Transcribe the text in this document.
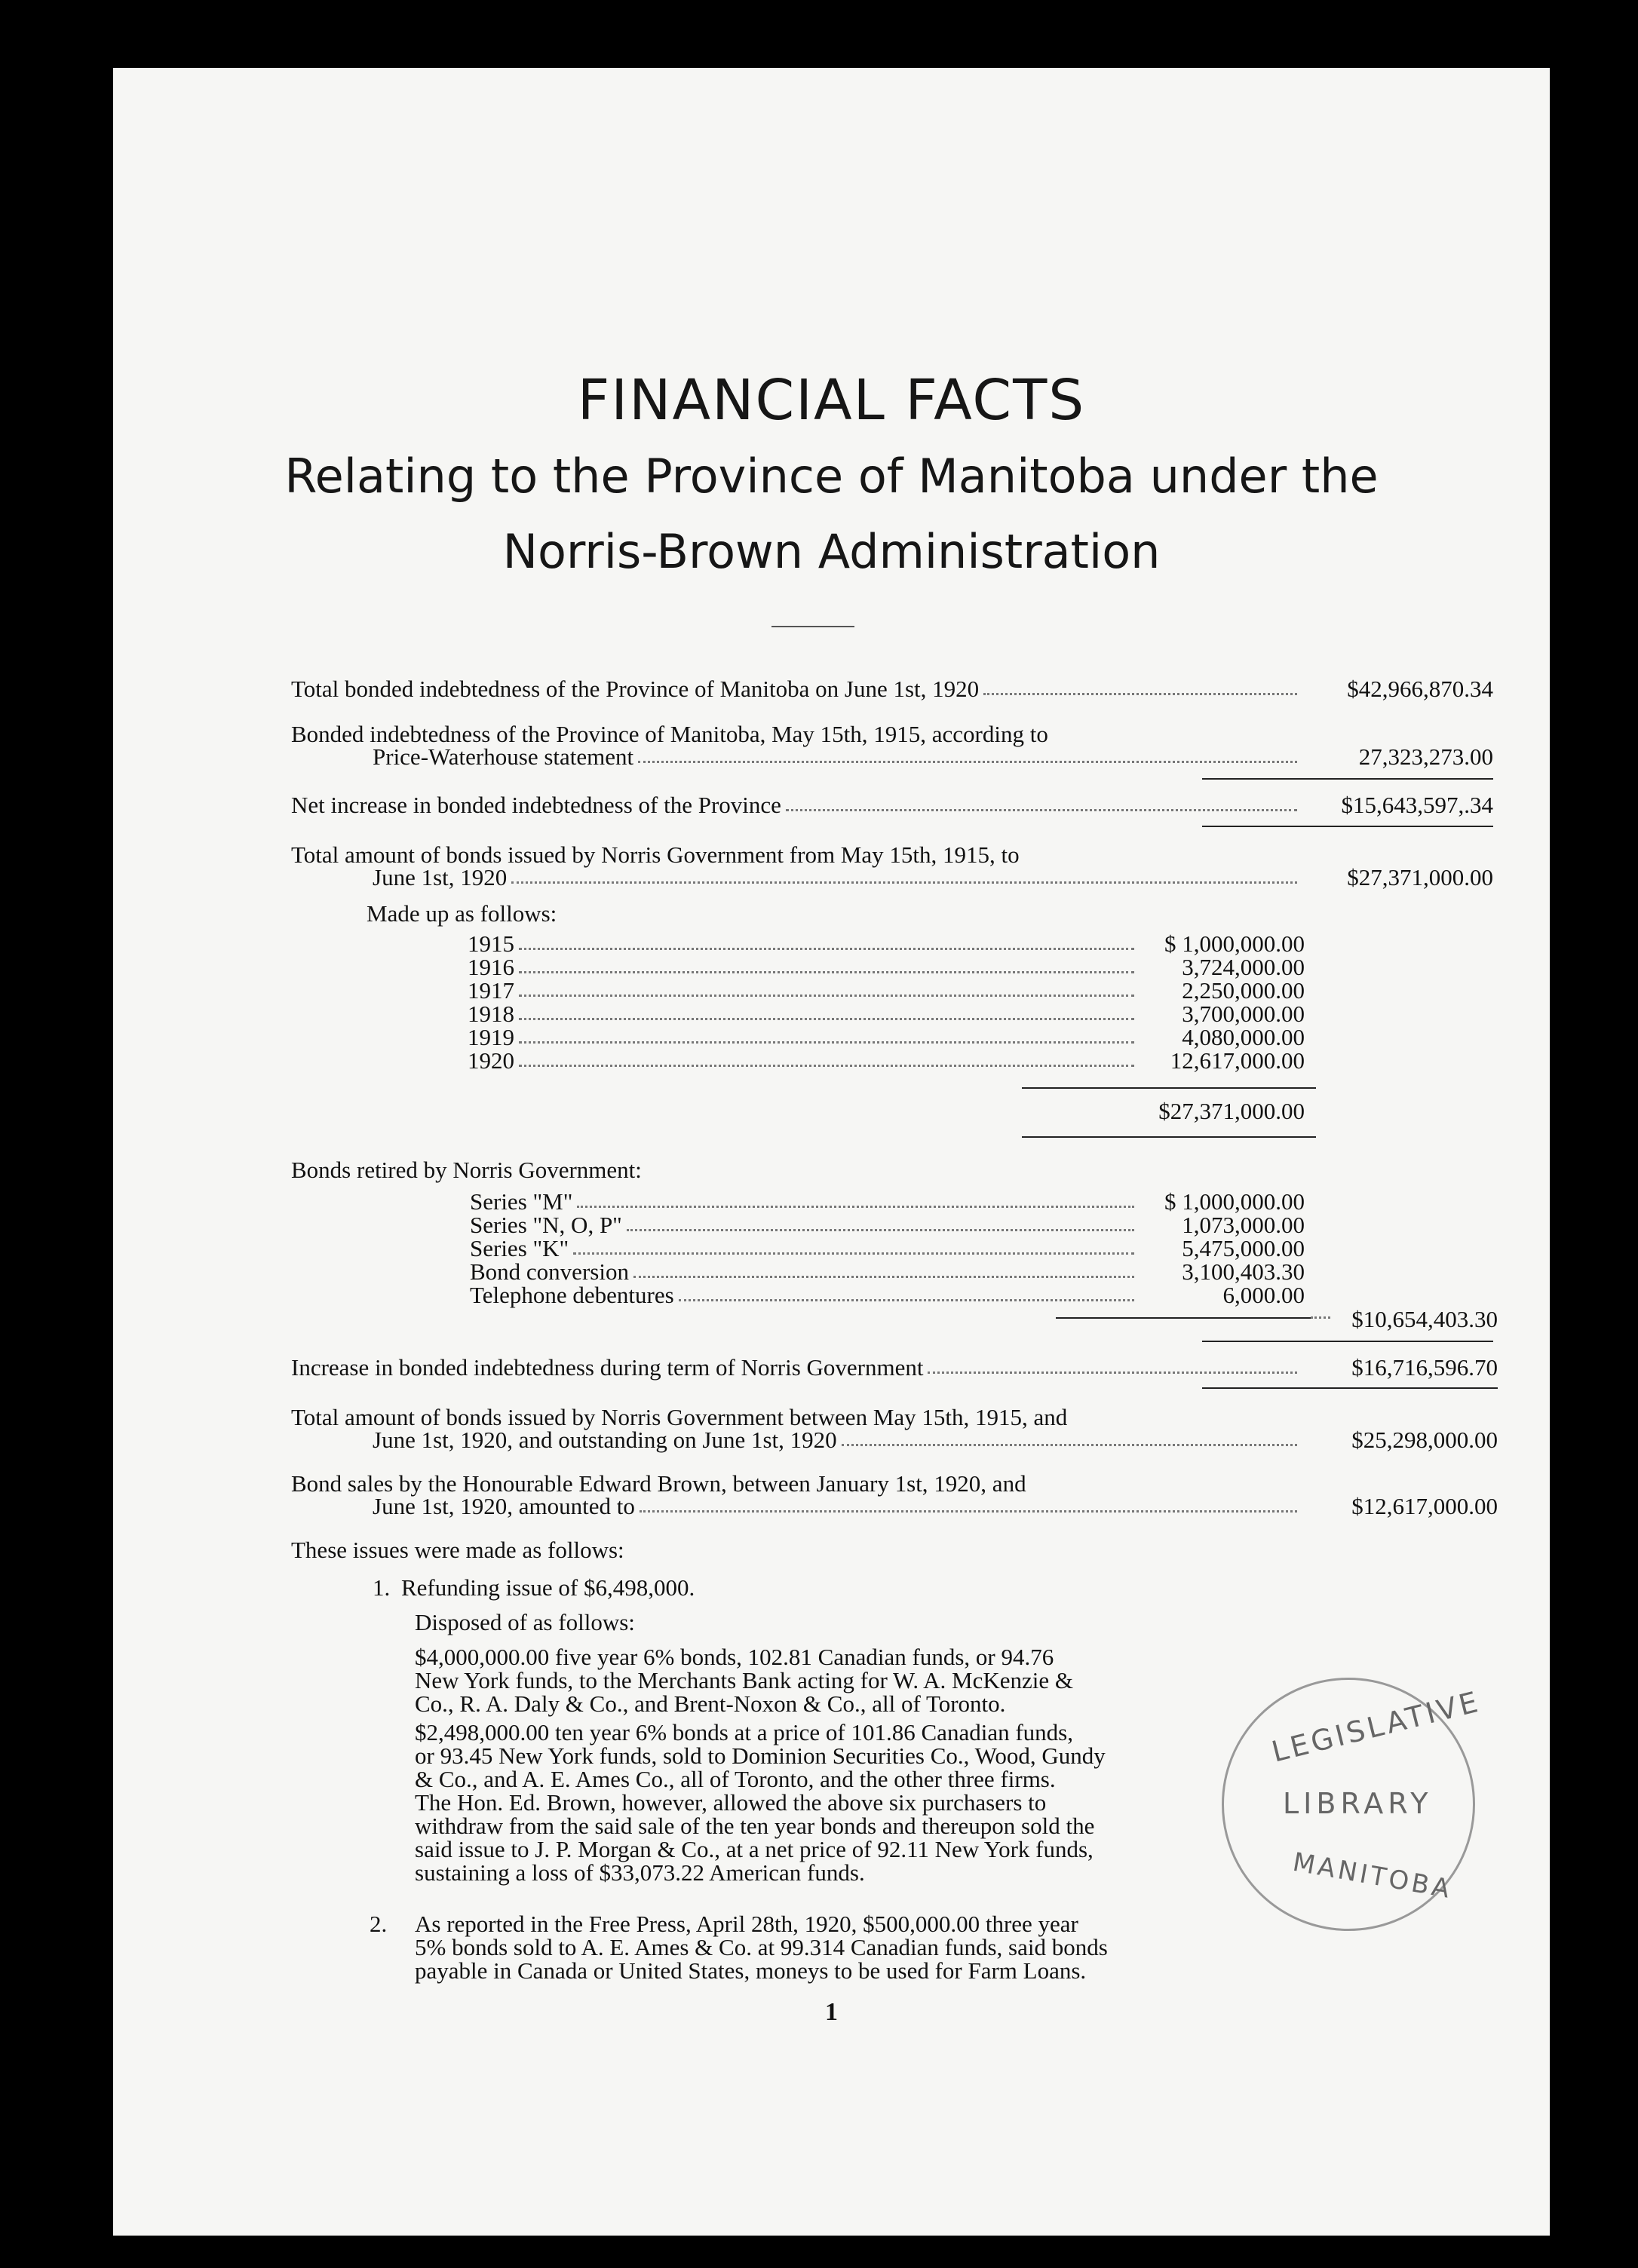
FINANCIAL FACTS
Relating to the Province of Manitoba under the
Norris-Brown Administration
Total bonded indebtedness of the Province of Manitoba on June 1st, 1920	$42,966,870.34
Bonded indebtedness of the Province of Manitoba, May 15th, 1915, according to
Price-Waterhouse statement	27,323,273.00
Net increase in bonded indebtedness of the Province	$15,643,597,.34
Total amount of bonds issued by Norris Government from May 15th, 1915, to
June 1st, 1920	$27,371,000.00
Made up as follows:
1915	$ 1,000,000.00
1916	3,724,000.00
1917	2,250,000.00
1918	3,700,000.00
1919	4,080,000.00
1920	12,617,000.00
$27,371,000.00
Bonds retired by Norris Government:
Series "M"	$ 1,000,000.00
Series "N, O, P"	1,073,000.00
Series "K"	5,475,000.00
Bond conversion	3,100,403.30
Telephone debentures	6,000.00
$10,654,403.30
Increase in bonded indebtedness during term of Norris Government	$16,716,596.70
Total amount of bonds issued by Norris Government between May 15th, 1915, and
June 1st, 1920, and outstanding on June 1st, 1920	$25,298,000.00
Bond sales by the Honourable Edward Brown, between January 1st, 1920, and
June 1st, 1920, amounted to	$12,617,000.00
These issues were made as follows:
1. Refunding issue of $6,498,000.
Disposed of as follows:
$4,000,000.00 five year 6% bonds, 102.81 Canadian funds, or 94.76
New York funds, to the Merchants Bank acting for W. A. McKenzie &
Co., R. A. Daly & Co., and Brent-Noxon & Co., all of Toronto.
$2,498,000.00 ten year 6% bonds at a price of 101.86 Canadian funds,
or 93.45 New York funds, sold to Dominion Securities Co., Wood, Gundy
& Co., and A. E. Ames Co., all of Toronto, and the other three firms.
The Hon. Ed. Brown, however, allowed the above six purchasers to
withdraw from the said sale of the ten year bonds and thereupon sold the
said issue to J. P. Morgan & Co., at a net price of 92.11 New York funds,
sustaining a loss of $33,073.22 American funds.
2. As reported in the Free Press, April 28th, 1920, $500,000.00 three year
5% bonds sold to A. E. Ames & Co. at 99.314 Canadian funds, said bonds
payable in Canada or United States, moneys to be used for Farm Loans.
LEGISLATIVE
LIBRARY
MANITOBA
1
